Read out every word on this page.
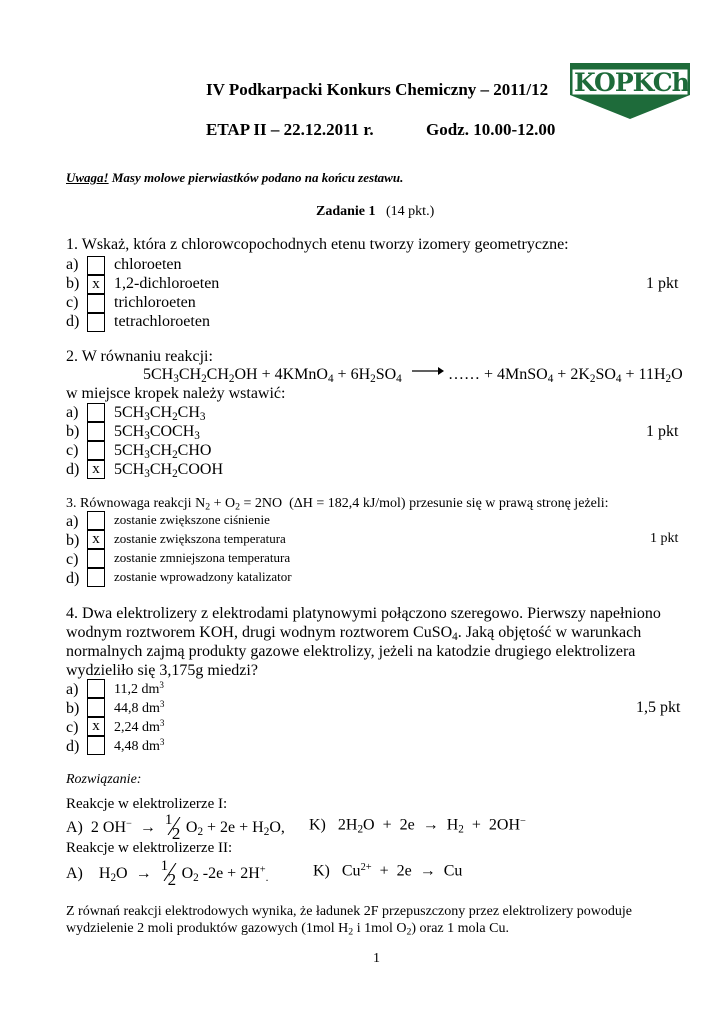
IV Podkarpacki Konkurs Chemiczny – 2011/12
ETAP II – 22.12.2011 r.	Godz. 10.00-12.00
KOPKCh
Uwaga! Masy molowe pierwiastków podano na końcu zestawu.
Zadanie 1 (14 pkt.)
1. Wskaż, która z chlorowcopochodnych etenu tworzy izomery geometryczne:
a) chloroeten
b) x 1,2-dichloroeten	1 pkt
c) trichloroeten
d) tetrachloroeten
2. W równaniu reakcji:
$5CH_3CH_2CH_2OH$ + 4KMnO$_4$ + $6H_2SO_4$ → …… + 4MnSO$_4$ + $2K_2SO_4 + 11H_2O$
w miejsce kropek należy wstawić:
a) $5CH_3CH_2CH_3$
b) $5CH_3COCH_3$	1 pkt
c) $5CH_3CH_2CHO$
d) x $5CH_3CH_2COOH$
3. Równowaga reakcji $N_2 + O_2 = 2NO$  (ΔH = 182,4 kJ/mol) przesunie się w prawą stronę jeżeli:
a)	zostanie zwiększone ciśnienie
b) x	zostanie zwiększona temperatura	1 pkt
c)	zostanie zmniejszona temperatura
d)	zostanie wprowadzony katalizator
4. Dwa elektrolizery z elektrodami platynowymi połączono szeregowo. Pierwszy napełniono
wodnym roztworem KOH, drugi wodnym roztworem CuSO$_4$. Jaką objętość w warunkach
normalnych zajmą produkty gazowe elektrolizy, jeżeli na katodzie drugiego elektrolizera
wydzieliło się 3,175g miedzi?
a)	11,2 $dm^3$
b) 44,8 $dm^3$	1,5 pkt
c) x	2,24 $dm^3$
d) 4,48 $dm^3$
Rozwiązanie:
Reakcje w elektrolizerze I:
A)  2 OH−  → 1
2 $O_2 + 2e + H_2O$, K)   $2H_2O + 2e \to H_2 + 2OH^-$
Reakcje w elektrolizerze II:
A)    $H_2O \to 1$
2 $O_2$ $-2e + 2H^+_.$	K)   $Cu^{2+} + 2e \to Cu$
Z równań reakcji elektrodowych wynika, że ładunek 2F przepuszczony przez elektrolizery powoduje
wydzielenie 2 moli produktów gazowych (1mol $H_2$ i 1mol $O_2$) oraz 1 mola Cu.
1
